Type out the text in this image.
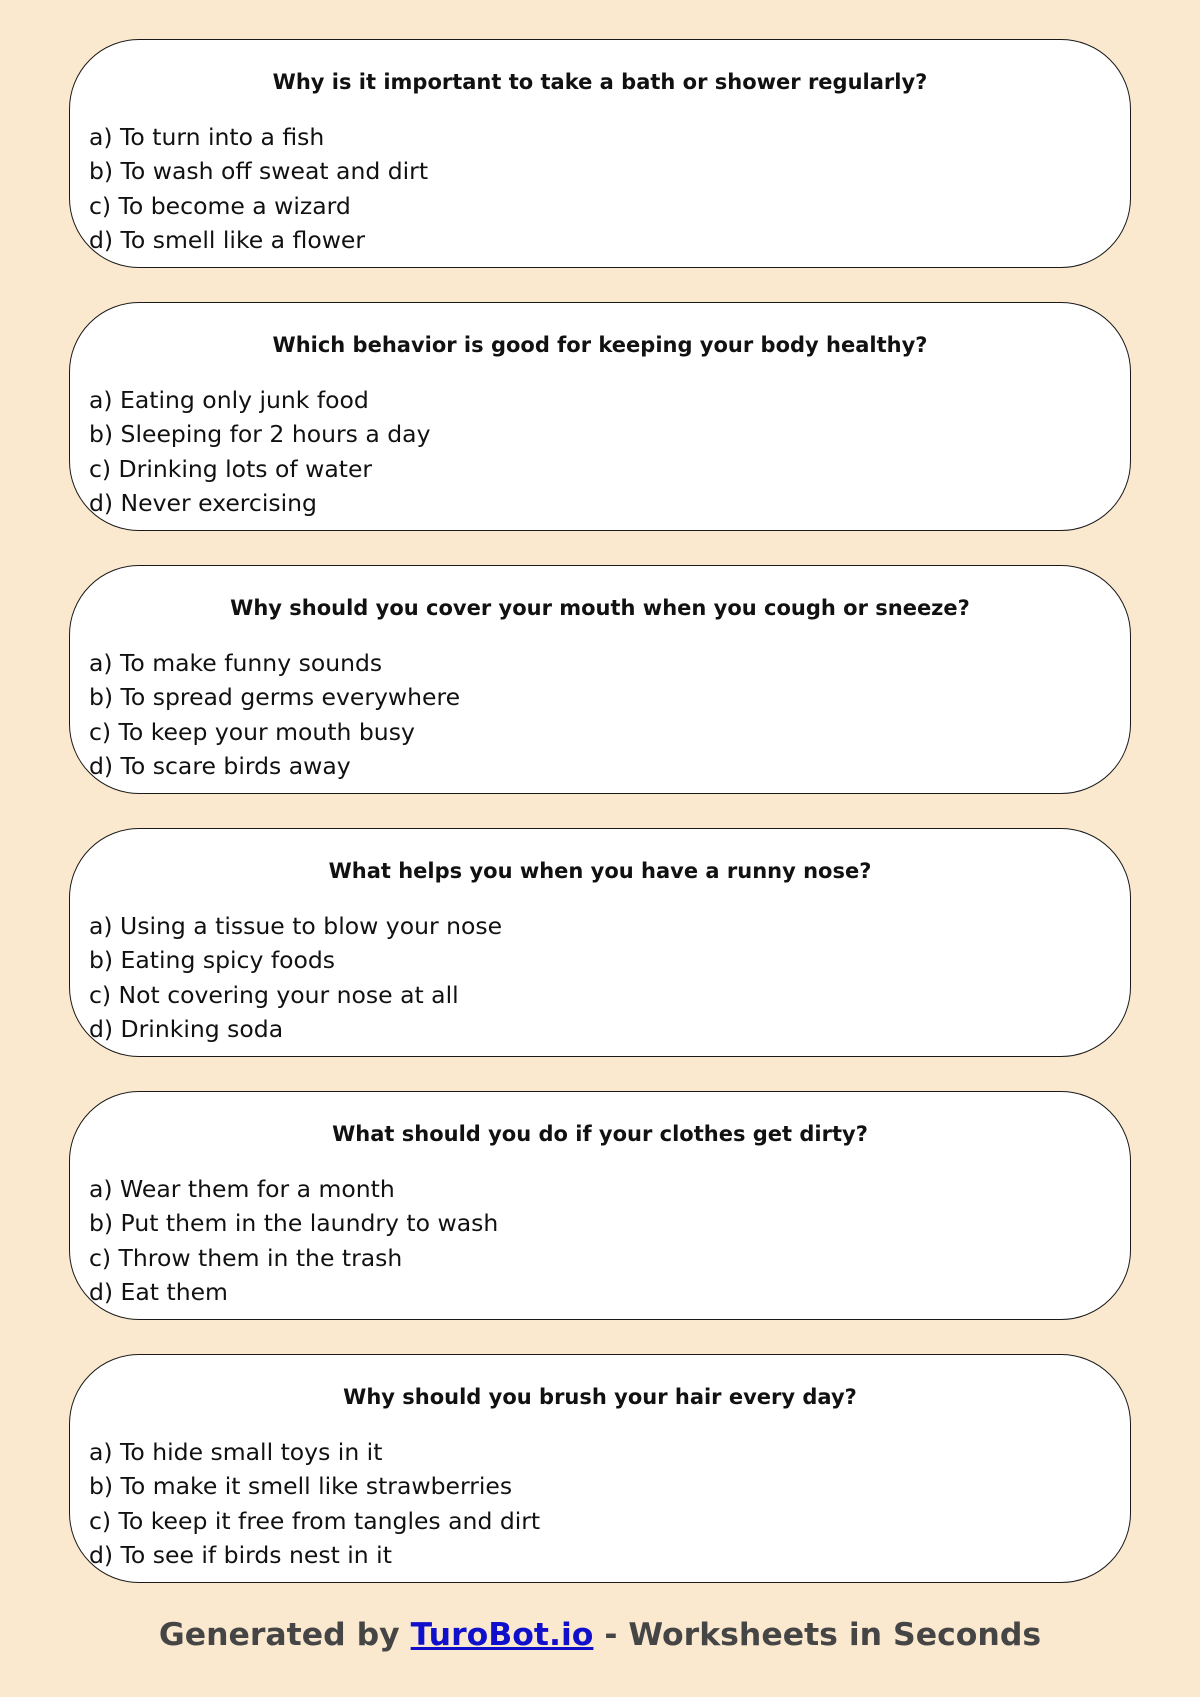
Why is it important to take a bath or shower regularly?

a) To turn into a fish
b) To wash off sweat and dirt
c) To become a wizard
d) To smell like a flower

Which behavior is good for keeping your body healthy?

a) Eating only junk food
b) Sleeping for 2 hours a day
c) Drinking lots of water
d) Never exercising

Why should you cover your mouth when you cough or sneeze?

a) To make funny sounds
b) To spread germs everywhere
c) To keep your mouth busy
d) To scare birds away

What helps you when you have a runny nose?

a) Using a tissue to blow your nose
b) Eating spicy foods
c) Not covering your nose at all
d) Drinking soda

What should you do if your clothes get dirty?

a) Wear them for a month
b) Put them in the laundry to wash
c) Throw them in the trash
d) Eat them

Why should you brush your hair every day?

a) To hide small toys in it
b) To make it smell like strawberries
c) To keep it free from tangles and dirt
d) To see if birds nest in it
Generated by TuroBot.io - Worksheets in Seconds
